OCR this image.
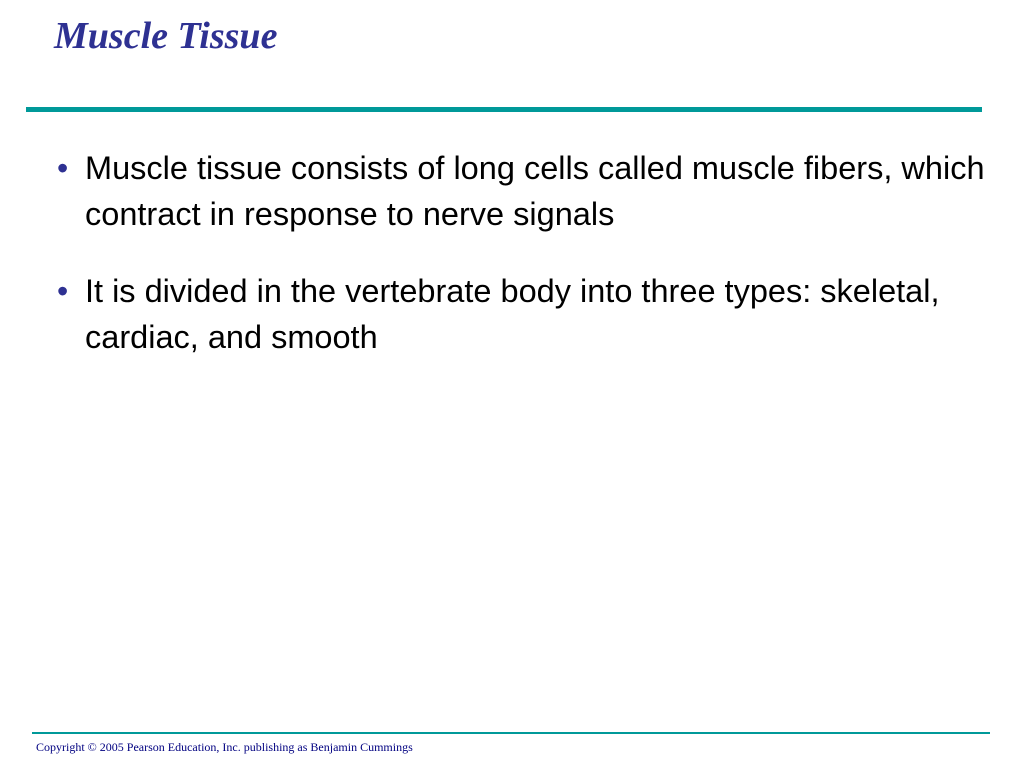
Muscle Tissue
• Muscle tissue consists of long cells called muscle fibers, which contract in response to nerve signals
• It is divided in the vertebrate body into three types: skeletal, cardiac, and smooth
Copyright © 2005 Pearson Education, Inc. publishing as Benjamin Cummings
